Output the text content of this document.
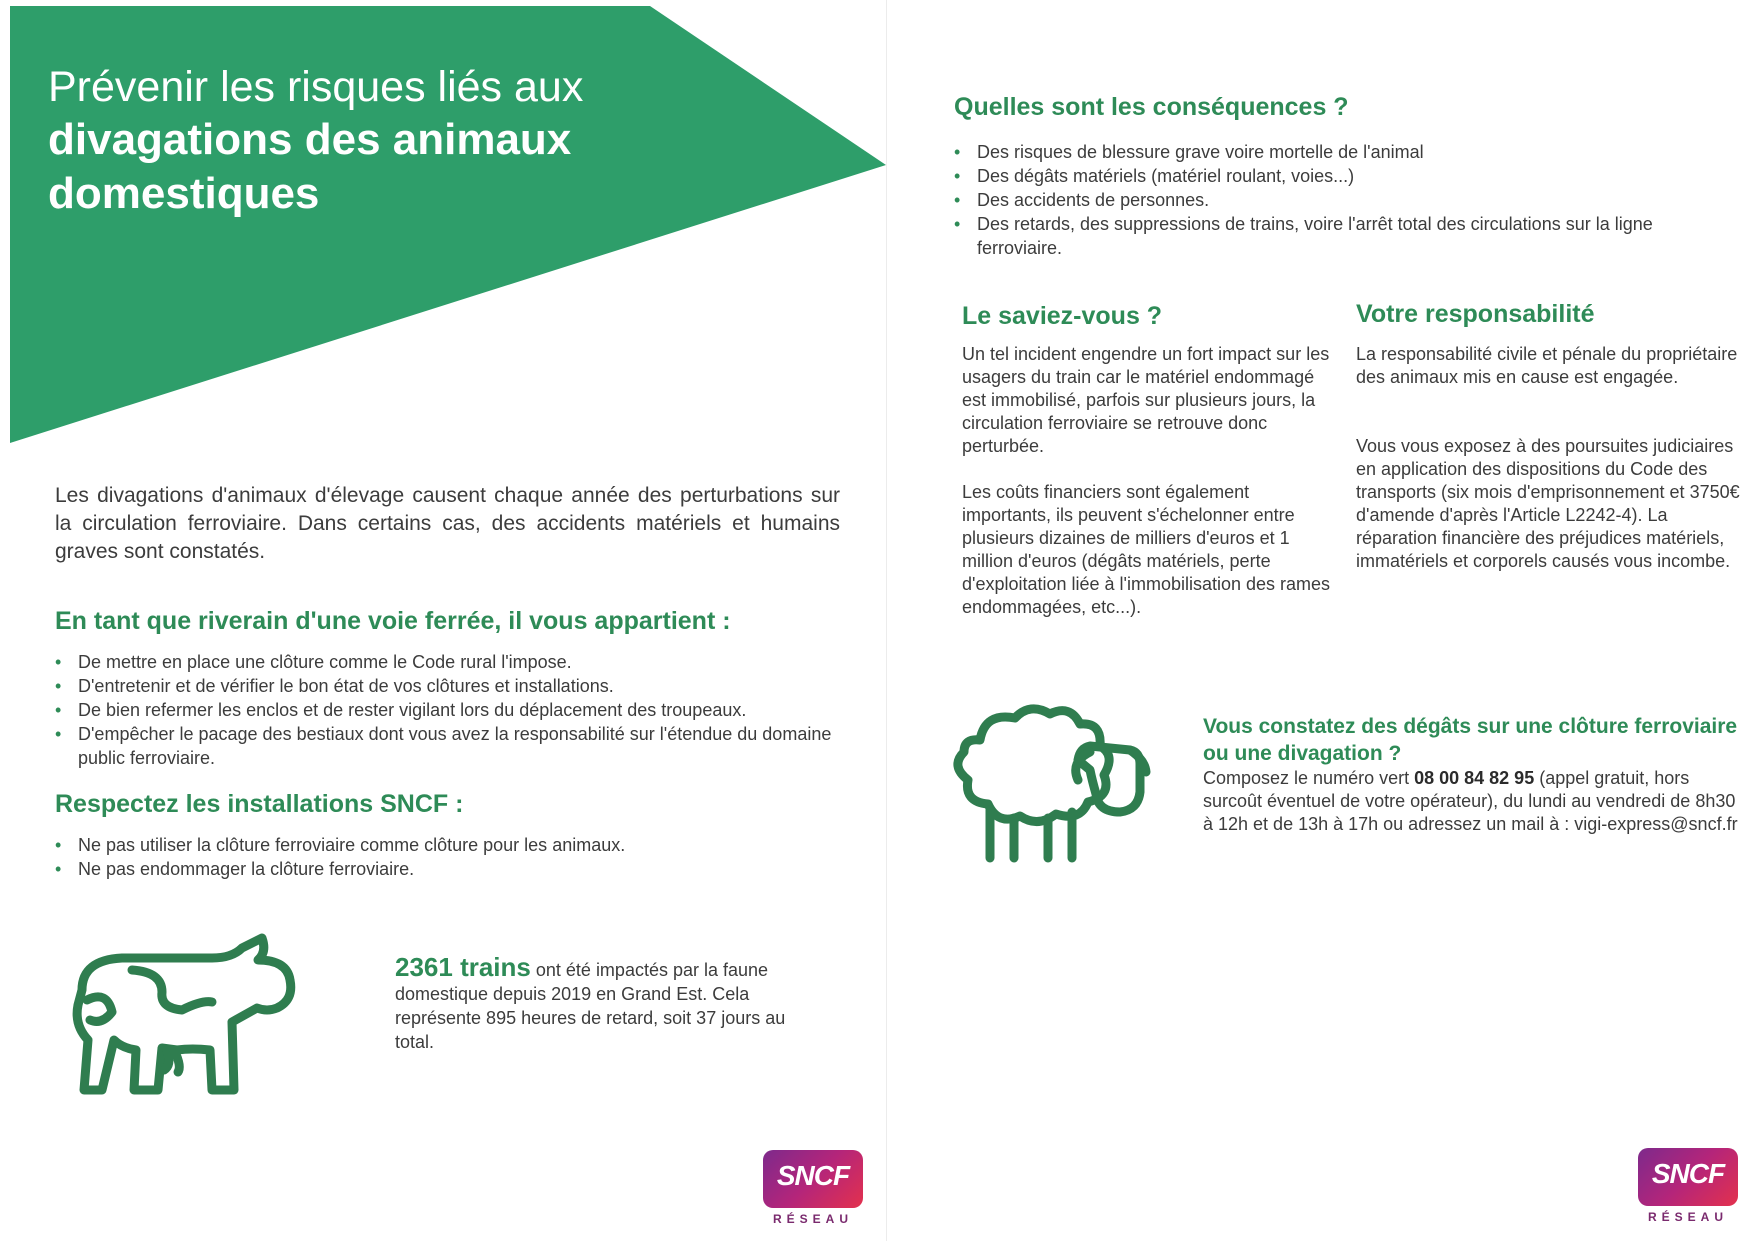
Prévenir les risques liés aux
divagations des animaux
domestiques

Les divagations d'animaux d'élevage causent chaque année des perturbations sur la circulation ferroviaire. Dans certains cas, des accidents matériels et humains graves sont constatés.

En tant que riverain d'une voie ferrée, il vous appartient :
• De mettre en place une clôture comme le Code rural l'impose.
• D'entretenir et de vérifier le bon état de vos clôtures et installations.
• De bien refermer les enclos et de rester vigilant lors du déplacement des troupeaux.
• D'empêcher le pacage des bestiaux dont vous avez la responsabilité sur l'étendue du domaine public ferroviaire.
Respectez les installations SNCF :
• Ne pas utiliser la clôture ferroviaire comme clôture pour les animaux.
• Ne pas endommager la clôture ferroviaire.
2361 trains ont été impactés par la faune domestique depuis 2019 en Grand Est. Cela représente 895 heures de retard, soit 37 jours au total.
SNCF
RÉSEAU
Quelles sont les conséquences ?
• Des risques de blessure grave voire mortelle de l'animal
• Des dégâts matériels (matériel roulant, voies...)
• Des accidents de personnes.
• Des retards, des suppressions de trains, voire l'arrêt total des circulations sur la ligne ferroviaire.
Le saviez-vous ?

Un tel incident engendre un fort impact sur les usagers du train car le matériel endommagé est immobilisé, parfois sur plusieurs jours, la circulation ferroviaire se retrouve donc perturbée.

Les coûts financiers sont également importants, ils peuvent s'échelonner entre plusieurs dizaines de milliers d'euros et 1 million d'euros (dégâts matériels, perte d'exploitation liée à l'immobilisation des rames endommagées, etc...).

Votre responsabilité

La responsabilité civile et pénale du propriétaire des animaux mis en cause est engagée.

Vous vous exposez à des poursuites judiciaires en application des dispositions du Code des transports (six mois d'emprisonnement et 3750€ d'amende d'après l'Article L2242-4). La réparation financière des préjudices matériels, immatériels et corporels causés vous incombe.

Vous constatez des dégâts sur une clôture ferroviaire ou une divagation ?
Composez le numéro vert 08 00 84 82 95 (appel gratuit, hors surcoût éventuel de votre opérateur), du lundi au vendredi de 8h30 à 12h et de 13h à 17h ou adressez un mail à : vigi-express@sncf.fr
SNCF
RÉSEAU
